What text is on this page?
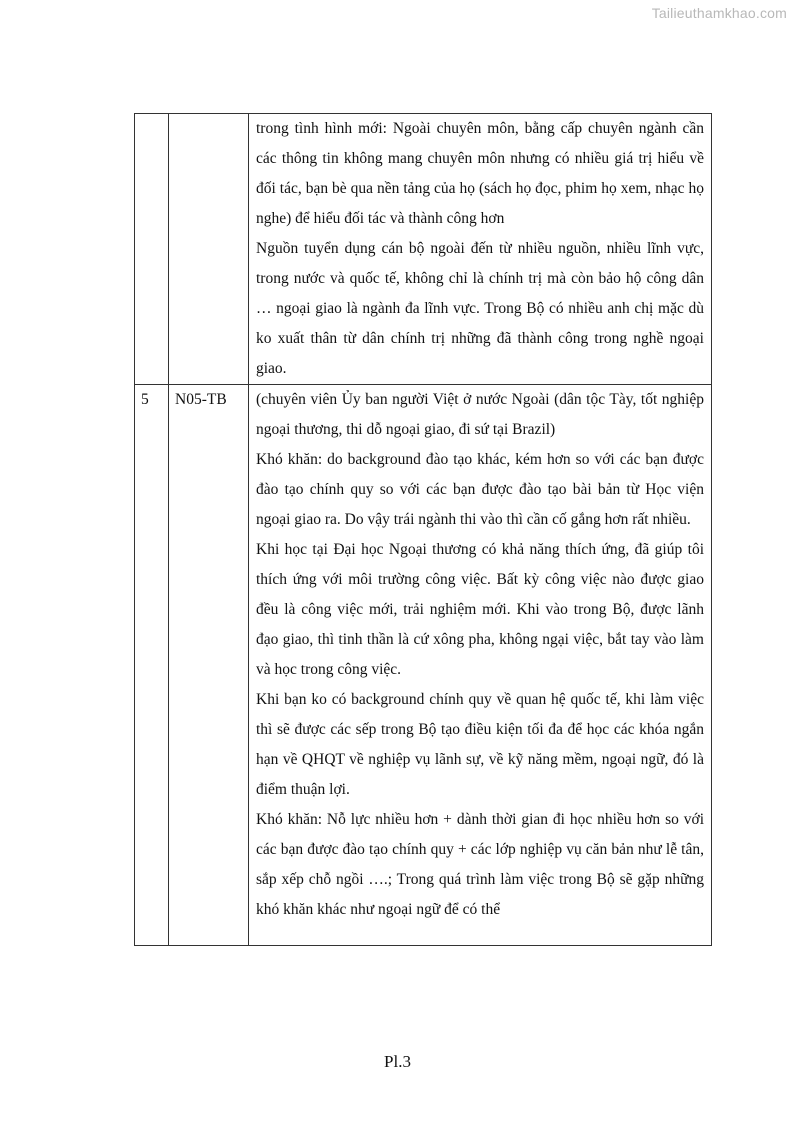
Tailieuthamkhao.com

		trong tình hình mới: Ngoài chuyên môn, bằng cấp chuyên ngành cần các thông tin không mang chuyên môn nhưng có nhiều giá trị hiểu về đối tác, bạn bè qua nền tảng của họ (sách họ đọc, phim họ xem, nhạc họ nghe) để hiểu đối tác và thành công hơn

Nguồn tuyển dụng cán bộ ngoài đến từ nhiều nguồn, nhiều lĩnh vực, trong nước và quốc tế, không chỉ là chính trị mà còn bảo hộ công dân … ngoại giao là ngành đa lĩnh vực. Trong Bộ có nhiều anh chị mặc dù ko xuất thân từ dân chính trị những đã thành công trong nghề ngoại giao.

5	N05-TB	(chuyên viên Ủy ban người Việt ở nước Ngoài (dân tộc Tày, tốt nghiệp ngoại thương, thi dỗ ngoại giao, đi sứ tại Brazil)

Khó khăn: do background đào tạo khác, kém hơn so với các bạn được đào tạo chính quy so với các bạn được đào tạo bài bản từ Học viện ngoại giao ra. Do vậy trái ngành thi vào thì cần cố gắng hơn rất nhiều.

Khi học tại Đại học Ngoại thương có khả năng thích ứng, đã giúp tôi thích ứng với môi trường công việc. Bất kỳ công việc nào được giao đều là công việc mới, trải nghiệm mới. Khi vào trong Bộ, được lãnh đạo giao, thì tinh thần là cứ xông pha, không ngại việc, bắt tay vào làm và học trong công việc.

Khi bạn ko có background chính quy về quan hệ quốc tế, khi làm việc thì sẽ được các sếp trong Bộ tạo điều kiện tối đa để học các khóa ngắn hạn về QHQT về nghiệp vụ lãnh sự, về kỹ năng mềm, ngoại ngữ, đó là điểm thuận lợi.

Khó khăn: Nỗ lực nhiều hơn + dành thời gian đi học nhiều hơn so với các bạn được đào tạo chính quy + các lớp nghiệp vụ căn bản như lễ tân, sắp xếp chỗ ngồi ….; Trong quá trình làm việc trong Bộ sẽ gặp những khó khăn khác như ngoại ngữ để có thể

Pl.3
